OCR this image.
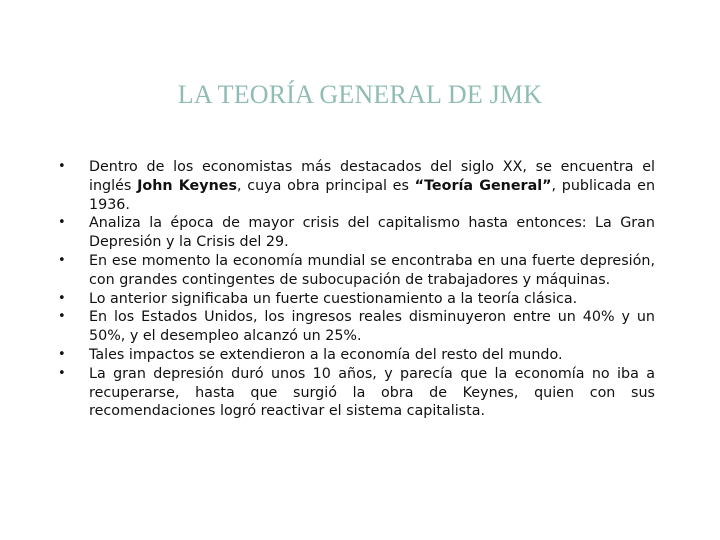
LA TEORÍA GENERAL DE JMK
•	Dentro de los economistas más destacados del siglo XX, se encuentra el inglés John Keynes, cuya obra principal es “Teoría General”, publicada en 1936.
•	Analiza la época de mayor crisis del capitalismo hasta entonces: La Gran Depresión y la Crisis del 29.
•	En ese momento la economía mundial se encontraba en una fuerte depresión, con grandes contingentes de subocupación de trabajadores y máquinas.
•	Lo anterior significaba un fuerte cuestionamiento a la teoría clásica.
•	En los Estados Unidos, los ingresos reales disminuyeron entre un 40% y un 50%, y el desempleo alcanzó un 25%.
•	Tales impactos se extendieron a la economía del resto del mundo.
•	La gran depresión duró unos 10 años, y parecía que la economía no iba a recuperarse, hasta que surgió la obra de Keynes, quien con sus recomendaciones logró reactivar el sistema capitalista.
